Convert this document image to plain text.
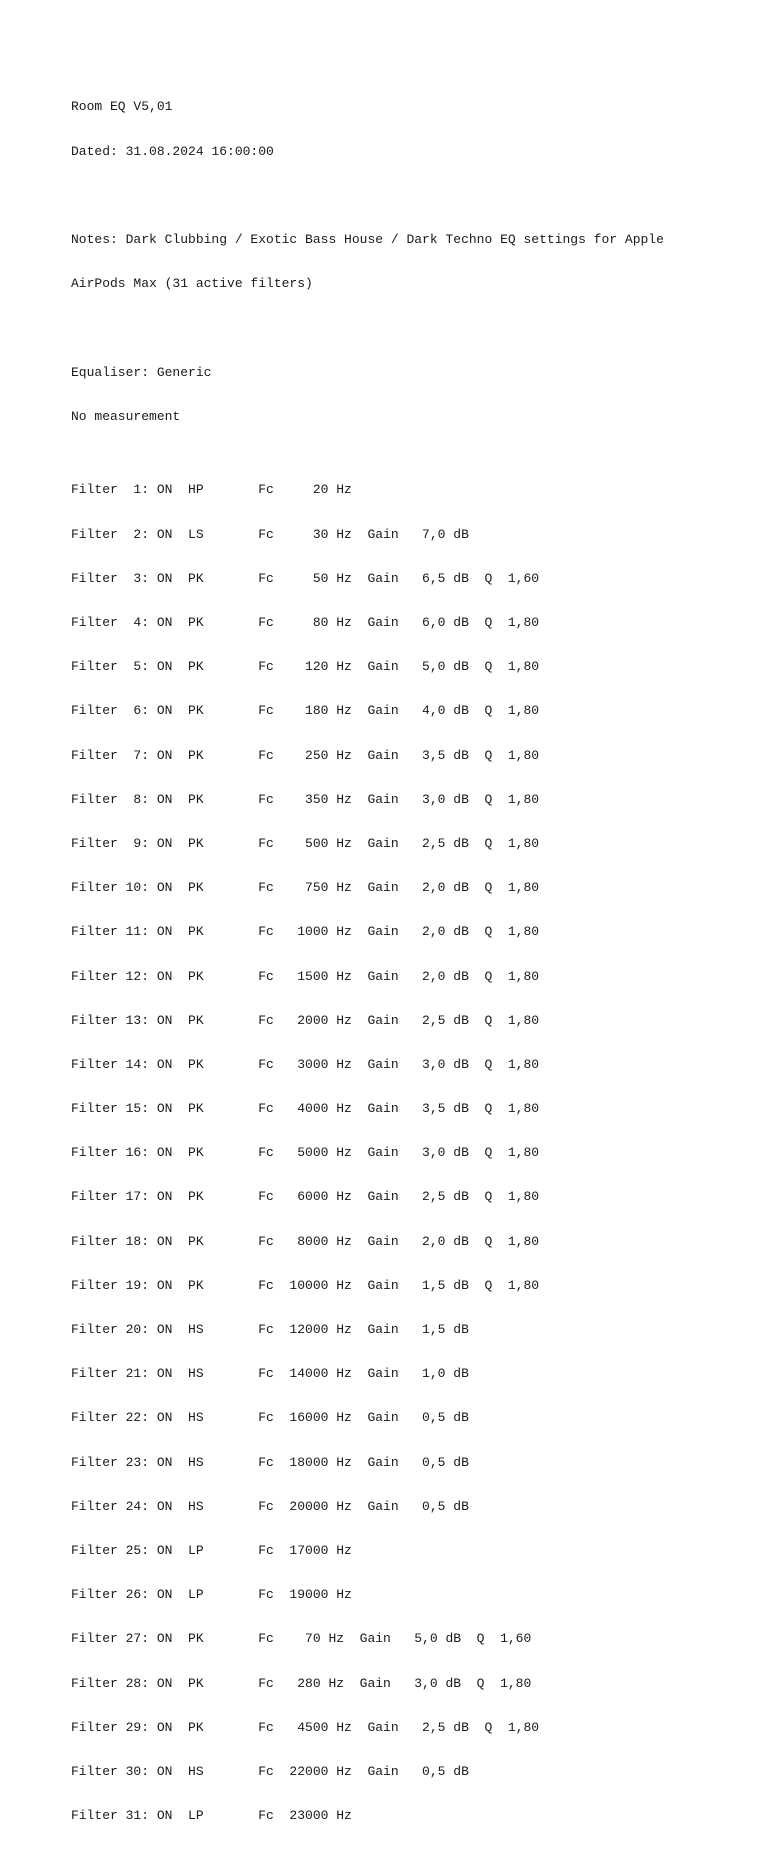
Room EQ V5,01

Dated: 31.08.2024 16:00:00

Notes: Dark Clubbing / Exotic Bass House / Dark Techno EQ settings for Apple

AirPods Max (31 active filters)

Equaliser: Generic

No measurement

Filter  1: ON  HP       Fc     20 Hz

Filter  2: ON  LS       Fc     30 Hz  Gain   7,0 dB

Filter  3: ON  PK       Fc     50 Hz  Gain   6,5 dB  Q  1,60

Filter  4: ON  PK       Fc     80 Hz  Gain   6,0 dB  Q  1,80

Filter  5: ON  PK       Fc    120 Hz  Gain   5,0 dB  Q  1,80

Filter  6: ON  PK       Fc    180 Hz  Gain   4,0 dB  Q  1,80

Filter  7: ON  PK       Fc    250 Hz  Gain   3,5 dB  Q  1,80

Filter  8: ON  PK       Fc    350 Hz  Gain   3,0 dB  Q  1,80

Filter  9: ON  PK       Fc    500 Hz  Gain   2,5 dB  Q  1,80

Filter 10: ON  PK       Fc    750 Hz  Gain   2,0 dB  Q  1,80

Filter 11: ON  PK       Fc   1000 Hz  Gain   2,0 dB  Q  1,80

Filter 12: ON  PK       Fc   1500 Hz  Gain   2,0 dB  Q  1,80

Filter 13: ON  PK       Fc   2000 Hz  Gain   2,5 dB  Q  1,80

Filter 14: ON  PK       Fc   3000 Hz  Gain   3,0 dB  Q  1,80

Filter 15: ON  PK       Fc   4000 Hz  Gain   3,5 dB  Q  1,80

Filter 16: ON  PK       Fc   5000 Hz  Gain   3,0 dB  Q  1,80

Filter 17: ON  PK       Fc   6000 Hz  Gain   2,5 dB  Q  1,80

Filter 18: ON  PK       Fc   8000 Hz  Gain   2,0 dB  Q  1,80

Filter 19: ON  PK       Fc  10000 Hz  Gain   1,5 dB  Q  1,80

Filter 20: ON  HS       Fc  12000 Hz  Gain   1,5 dB

Filter 21: ON  HS       Fc  14000 Hz  Gain   1,0 dB

Filter 22: ON  HS       Fc  16000 Hz  Gain   0,5 dB

Filter 23: ON  HS       Fc  18000 Hz  Gain   0,5 dB

Filter 24: ON  HS       Fc  20000 Hz  Gain   0,5 dB

Filter 25: ON  LP       Fc  17000 Hz

Filter 26: ON  LP       Fc  19000 Hz

Filter 27: ON  PK       Fc    70 Hz  Gain   5,0 dB  Q  1,60

Filter 28: ON  PK       Fc   280 Hz  Gain   3,0 dB  Q  1,80

Filter 29: ON  PK       Fc   4500 Hz  Gain   2,5 dB  Q  1,80

Filter 30: ON  HS       Fc  22000 Hz  Gain   0,5 dB

Filter 31: ON  LP       Fc  23000 Hz
